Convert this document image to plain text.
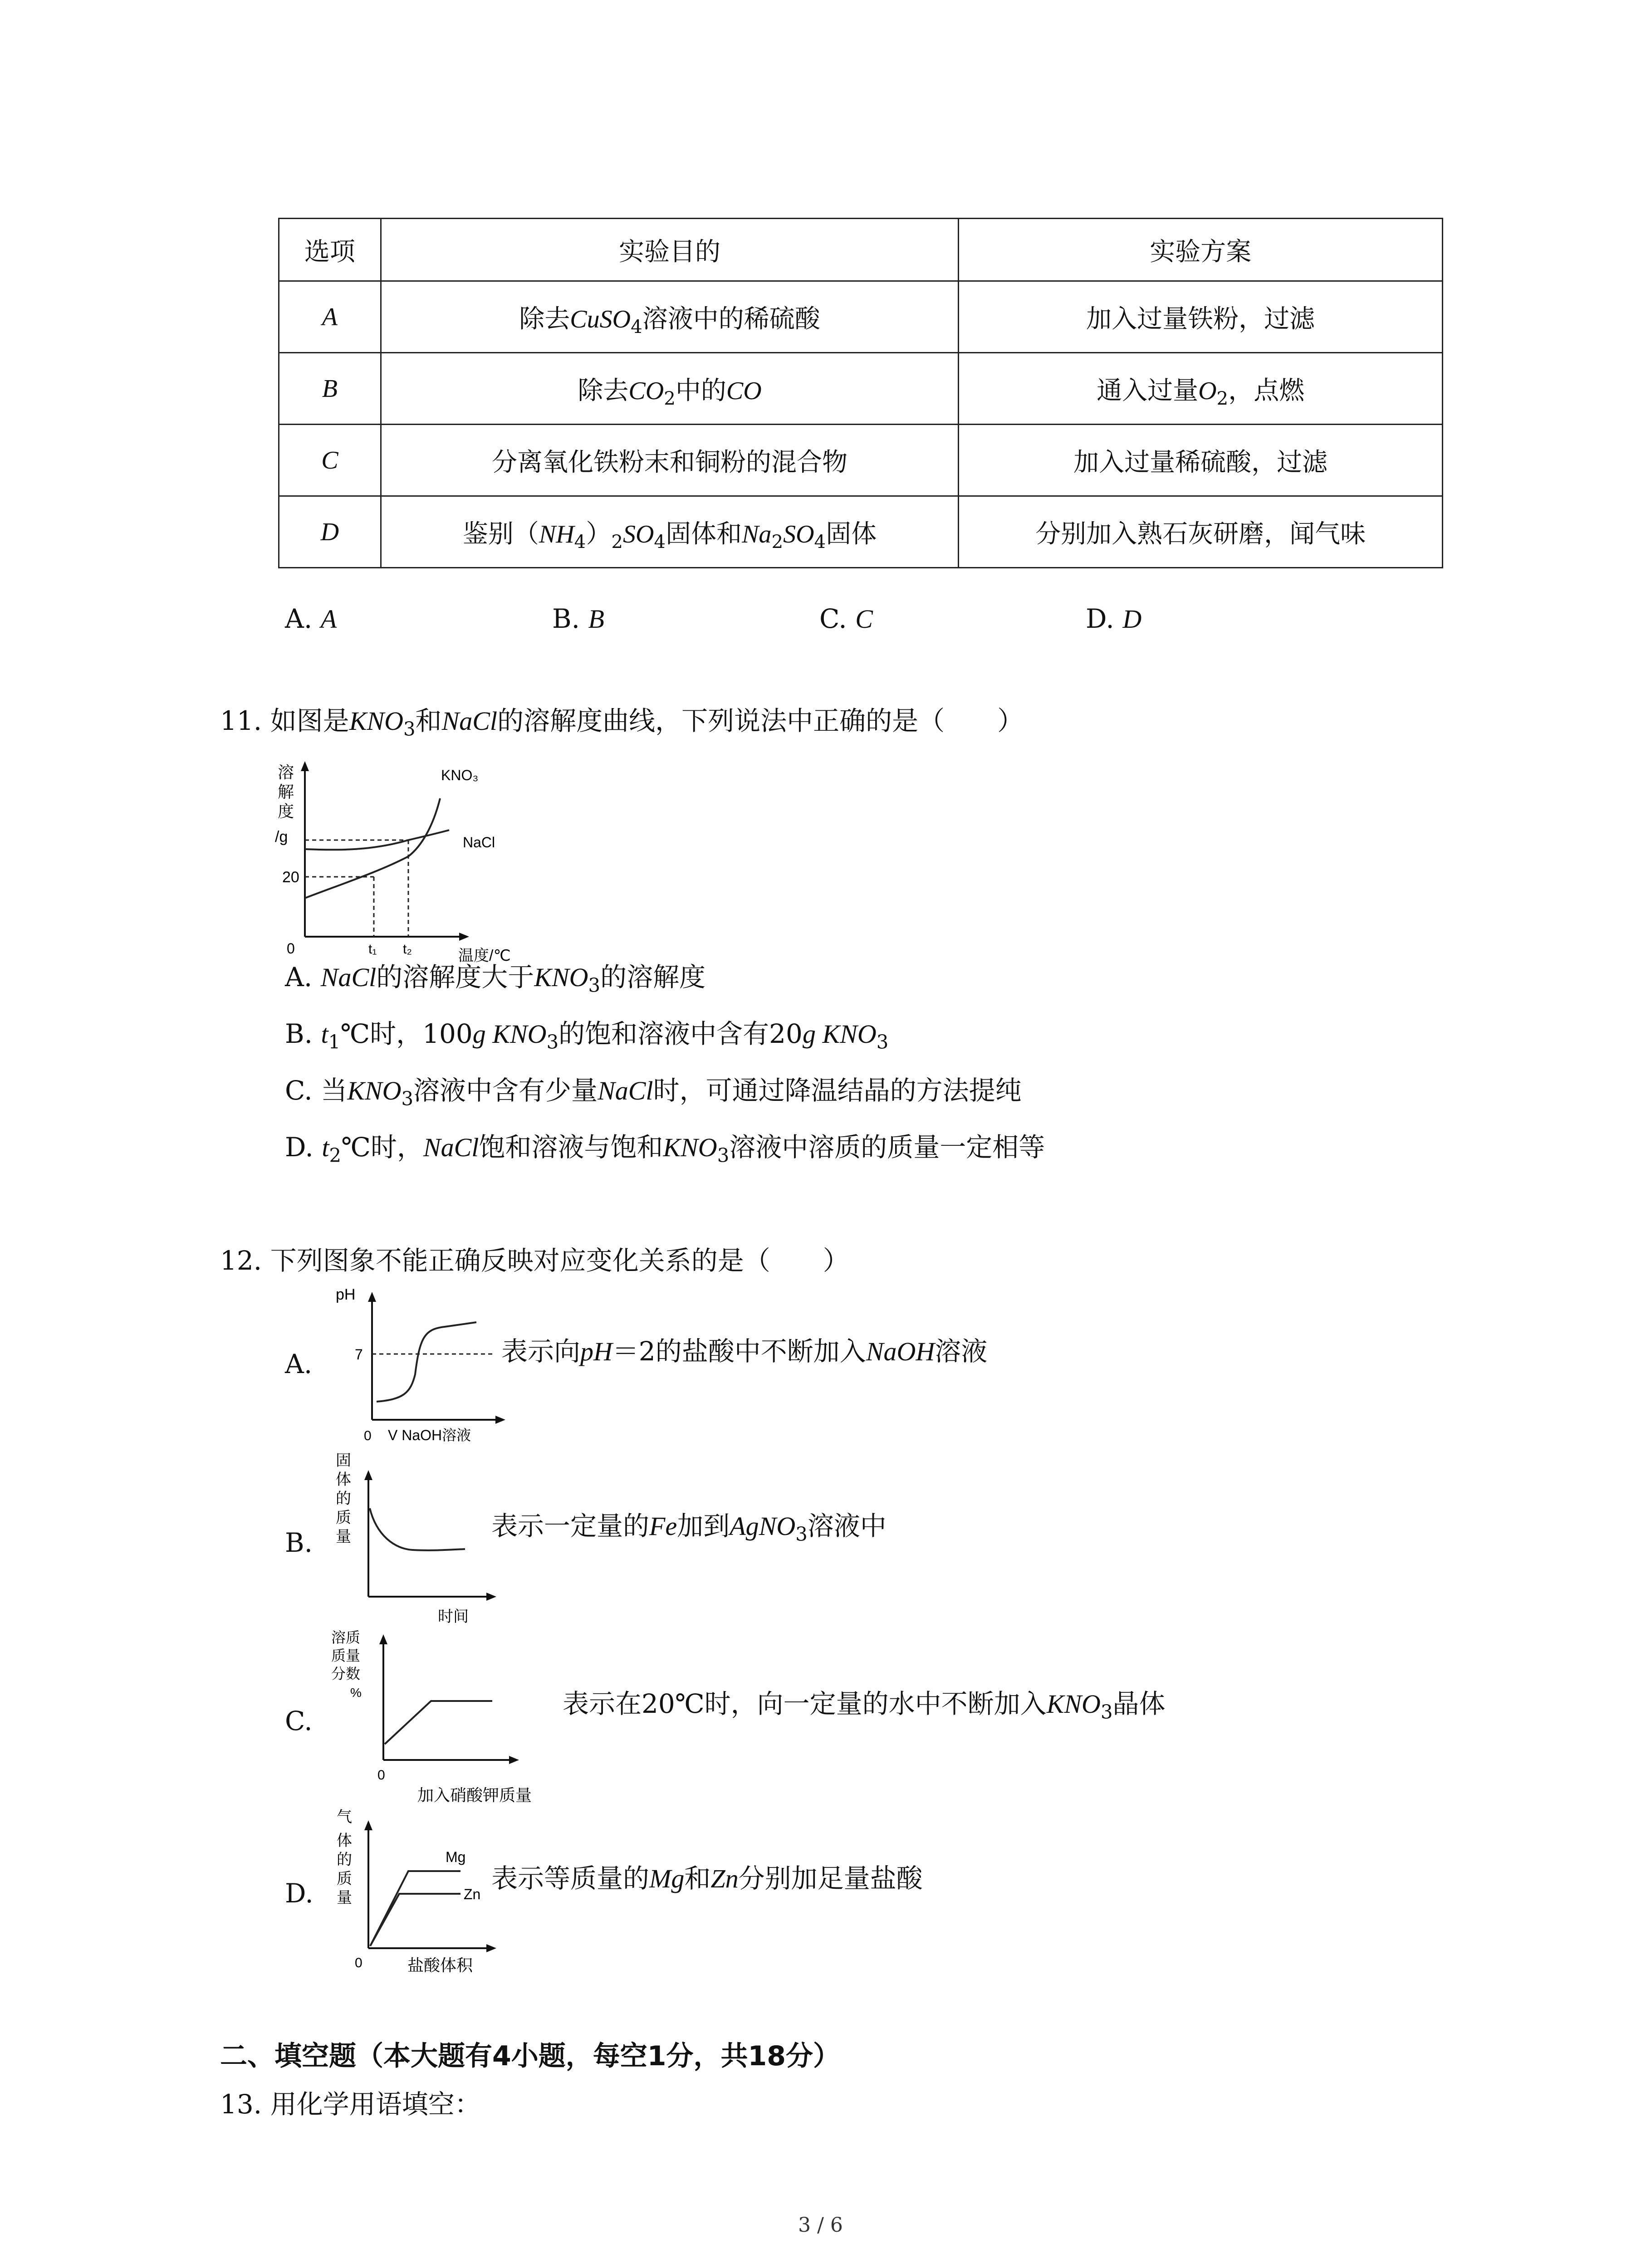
选项	实验目的	实验方案
A	除去CuSO$_4$溶液中的稀硫酸	加入过量铁粉，过滤
B	除去$CO_2$中的CO	通入过量$O_2$，点燃
C	分离氧化铁粉末和铜粉的混合物	加入过量稀硫酸，过滤
D	鉴别$(NH_4)_2SO_4$固体和$Na_2SO_4$固体	分别加入熟石灰研磨，闻气味
A. A	B. B	C. C	D. D
11. 如图是$KNO_3$和NaCl的溶解度曲线，下列说法中正确的是（　　）
溶
解
度
/g
20
0	t₁ t₂	温度/℃
KNO₃
NaCl
A. NaCl的溶解度大于$KNO_3$的溶解度
B. $t_1℃$时，100g $KNO_3$的饱和溶液中含有20g $KNO_3$
C. 当$KNO_3$溶液中含有少量NaCl时，可通过降温结晶的方法提纯
D. $t_2℃$时，NaCl饱和溶液与饱和$KNO_3$溶液中溶质的质量一定相等
12. 下列图象不能正确反映对应变化关系的是（　　）
A.
pH
7
0 V NaOH溶液
表示向pH＝2的盐酸中不断加入NaOH溶液
B.
固
体
的
质
量
时间
表示一定量的Fe加到AgNO$_3$溶液中
C.
溶质
质量
分数
%
0
加入硝酸钾质量
表示在20℃时，向一定量的水中不断加入$KNO_3$晶体
D.
气
体
的
质
量
Mg
Zn
0	盐酸体积
表示等质量的Mg和Zn分别加足量盐酸
二、填空题（本大题有4小题，每空1分，共18分）
13. 用化学用语填空：
3 / 6
